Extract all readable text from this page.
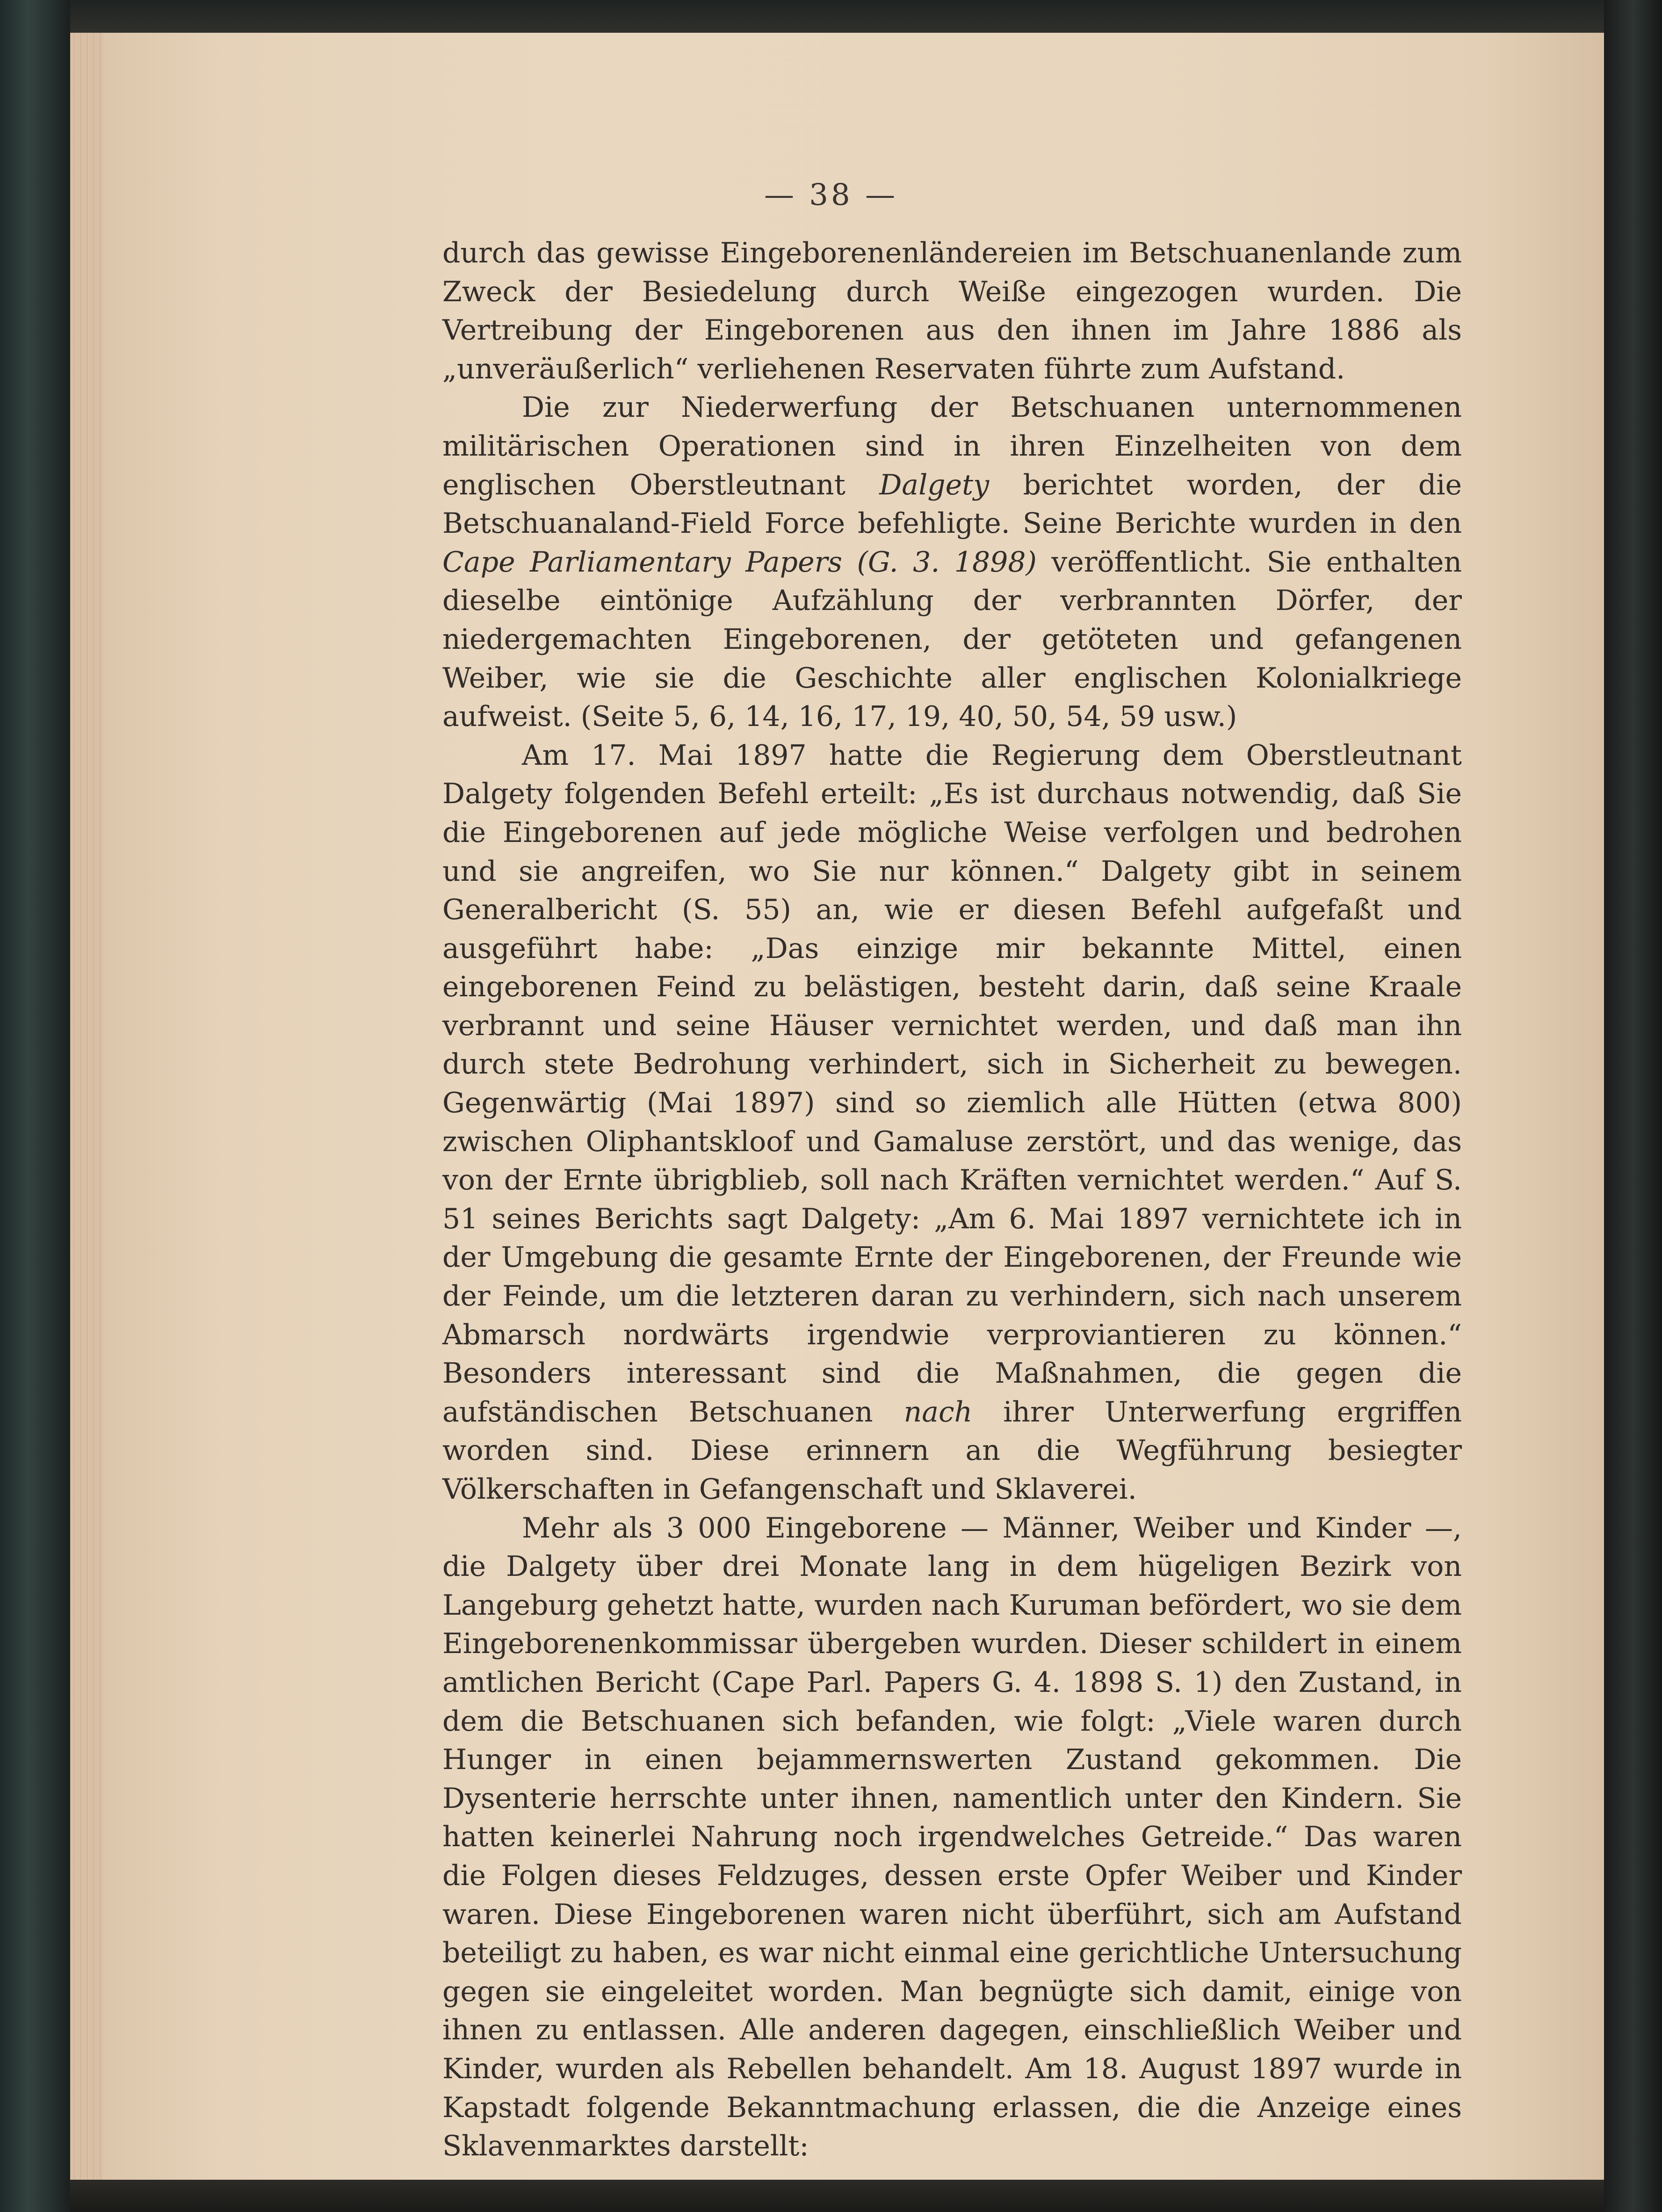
— 38 —

durch das gewisse Eingeborenenländereien im Betschuanenlande zum Zweck der Besiedelung durch Weiße eingezogen wurden. Die Vertreibung der Eingeborenen aus den ihnen im Jahre 1886 als „unveräußerlich“ verliehenen Reservaten führte zum Aufstand.

Die zur Niederwerfung der Betschuanen unternommenen militärischen Operationen sind in ihren Einzelheiten von dem englischen Oberstleutnant Dalgety berichtet worden, der die Betschuanaland-Field Force befehligte. Seine Berichte wurden in den Cape Parliamentary Papers (G. 3. 1898) veröffentlicht. Sie enthalten dieselbe eintönige Aufzählung der verbrannten Dörfer, der niedergemachten Eingeborenen, der getöteten und gefangenen Weiber, wie sie die Geschichte aller englischen Kolonialkriege aufweist. (Seite 5, 6, 14, 16, 17, 19, 40, 50, 54, 59 usw.)

Am 17. Mai 1897 hatte die Regierung dem Oberstleutnant Dalgety folgenden Befehl erteilt: „Es ist durchaus notwendig, daß Sie die Eingeborenen auf jede mögliche Weise verfolgen und bedrohen und sie angreifen, wo Sie nur können.“ Dalgety gibt in seinem Generalbericht (S. 55) an, wie er diesen Befehl aufgefaßt und ausgeführt habe: „Das einzige mir bekannte Mittel, einen eingeborenen Feind zu belästigen, besteht darin, daß seine Kraale verbrannt und seine Häuser vernichtet werden, und daß man ihn durch stete Bedrohung verhindert, sich in Sicherheit zu bewegen. Gegenwärtig (Mai 1897) sind so ziemlich alle Hütten (etwa 800) zwischen Oliphantskloof und Gamaluse zerstört, und das wenige, das von der Ernte übrigblieb, soll nach Kräften vernichtet werden.“ Auf S. 51 seines Berichts sagt Dalgety: „Am 6. Mai 1897 vernichtete ich in der Umgebung die gesamte Ernte der Eingeborenen, der Freunde wie der Feinde, um die letzteren daran zu verhindern, sich nach unserem Abmarsch nordwärts irgendwie verproviantieren zu können.“ Besonders interessant sind die Maßnahmen, die gegen die aufständischen Betschuanen nach ihrer Unterwerfung ergriffen worden sind. Diese erinnern an die Wegführung besiegter Völkerschaften in Gefangenschaft und Sklaverei.

Mehr als 3 000 Eingeborene — Männer, Weiber und Kinder —, die Dalgety über drei Monate lang in dem hügeligen Bezirk von Langeburg gehetzt hatte, wurden nach Kuruman befördert, wo sie dem Eingeborenenkommissar übergeben wurden. Dieser schildert in einem amtlichen Bericht (Cape Parl. Papers G. 4. 1898 S. 1) den Zustand, in dem die Betschuanen sich befanden, wie folgt: „Viele waren durch Hunger in einen bejammernswerten Zustand gekommen. Die Dysenterie herrschte unter ihnen, namentlich unter den Kindern. Sie hatten keinerlei Nahrung noch irgendwelches Getreide.“ Das waren die Folgen dieses Feldzuges, dessen erste Opfer Weiber und Kinder waren. Diese Eingeborenen waren nicht überführt, sich am Aufstand beteiligt zu haben, es war nicht einmal eine gerichtliche Untersuchung gegen sie eingeleitet worden. Man begnügte sich damit, einige von ihnen zu entlassen. Alle anderen dagegen, einschließlich Weiber und Kinder, wurden als Rebellen behandelt. Am 18. August 1897 wurde in Kapstadt folgende Bekanntmachung erlassen, die die Anzeige eines Sklavenmarktes darstellt:
